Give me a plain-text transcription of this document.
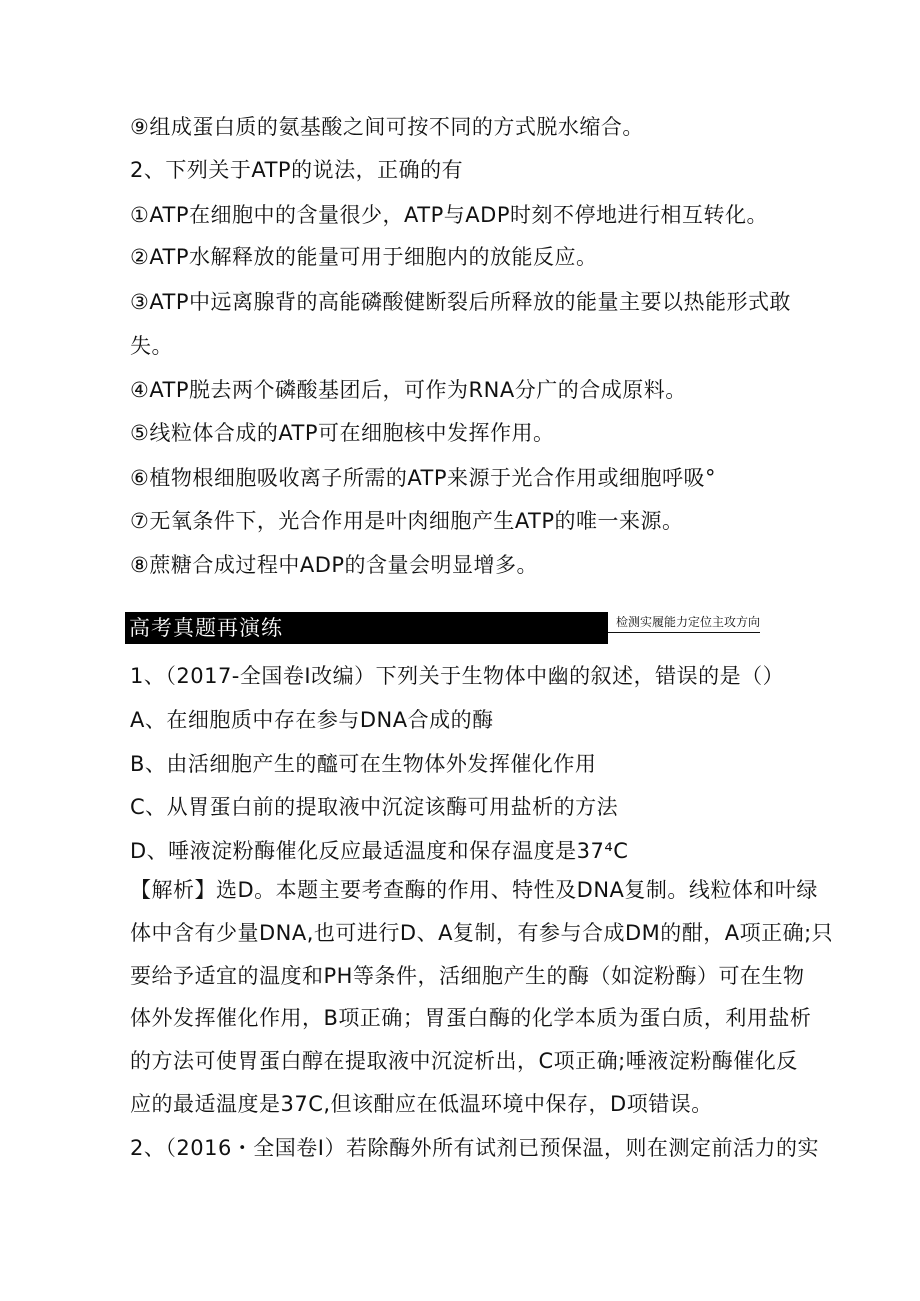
⑨组成蛋白质的氨基酸之间可按不同的方式脱水缩合。
2、下列关于ATP的说法，正确的有
①ATP在细胞中的含量很少，ATP与ADP时刻不停地进行相互转化。
②ATP水解释放的能量可用于细胞内的放能反应。
③ATP中远离腺背的高能磷酸健断裂后所释放的能量主要以热能形式敢
失。
④ATP脱去两个磷酸基团后，可作为RNA分广的合成原料。
⑤线粒体合成的ATP可在细胞核中发挥作用。
⑥植物根细胞吸收离子所需的ATP来源于光合作用或细胞呼吸°
⑦无氧条件下，光合作用是叶肉细胞产生ATP的唯一来源。
⑧蔗糖合成过程中ADP的含量会明显增多。
高考真题再演练	检测实履能力定位主攻方向
1、（2017-全国卷I改编）下列关于生物体中幽的叙述，错误的是（）
A、在细胞质中存在参与DNA合成的酶
B、由活细胞产生的醯可在生物体外发挥催化作用
C、从胃蛋白前的提取液中沉淀该酶可用盐析的方法
D、唾液淀粉酶催化反应最适温度和保存温度是37⁴C
【解析】选D。本题主要考查酶的作用、特性及DNA复制。线粒体和叶绿
体中含有少量DNA,也可进行D、A复制，有参与合成DM的酣，A项正确;只
要给予适宜的温度和PH等条件，活细胞产生的酶（如淀粉酶）可在生物
体外发挥催化作用，B项正确；胃蛋白酶的化学本质为蛋白质，利用盐析
的方法可使胃蛋白醇在提取液中沉淀析出，C项正确;唾液淀粉酶催化反
应的最适温度是37C,但该酣应在低温环境中保存，D项错误。
2、（2016・全国卷I）若除酶外所有试剂已预保温，则在测定前活力的实
